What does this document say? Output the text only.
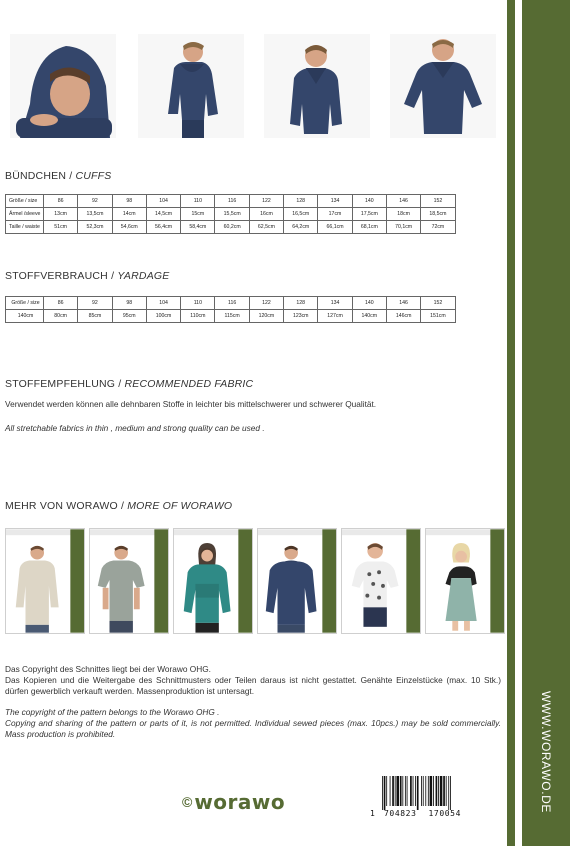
WWW.WORAWO.DE
BÜNDCHEN / CUFFS
Größe / size	86	92	98	104	110	116	122	128	134	140	146	152
Ärmel /sleeve	13cm	13,5cm	14cm	14,5cm	15cm	15,5cm	16cm	16,5cm	17cm	17,5cm	18cm	18,5cm
Taille / waiste	51cm	52,3cm	54,6cm	56,4cm	58,4cm	60,2cm	62,5cm	64,2cm	66,1cm	68,1cm	70,1cm	72cm
STOFFVERBRAUCH / YARDAGE
Größe / size	86	92	98	104	110	116	122	128	134	140	146	152
140cm	80cm	85cm	95cm	100cm	110cm	115cm	120cm	123cm	127cm	140cm	146cm	151cm
STOFFEMPFEHLUNG / RECOMMENDED FABRIC
Verwendet werden können alle dehnbaren Stoffe in leichter bis mittelschwerer und schwerer Qualität.
All stretchable fabrics in thin , medium and strong quality can be used .
MEHR VON WORAWO / MORE OF WORAWO
Das Copyright des Schnittes liegt bei der Worawo OHG.
Das Kopieren und die Weitergabe des Schnittmusters oder Teilen daraus ist nicht gestattet. Genähte Einzelstücke (max. 10 Stk.) dürfen gewerblich verkauft werden. Massenproduktion ist untersagt.
The copyright of the pattern belongs to the Worawo OHG .
Copying and sharing of the pattern or parts of it, is not permitted. Individual sewed pieces (max. 10pcs.) may be sold commercially. Mass production is prohibited.
© worawo	1	704823 170054
